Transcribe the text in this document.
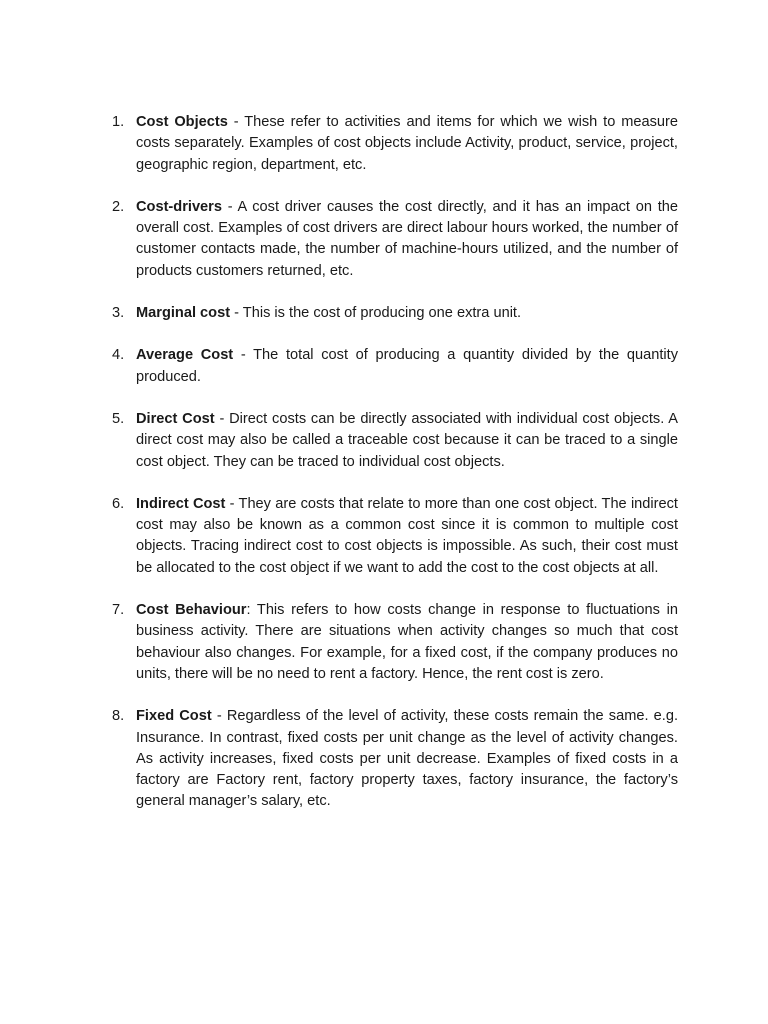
1. Cost Objects - These refer to activities and items for which we wish to measure costs separately. Examples of cost objects include Activity, product, service, project, geographic region, department, etc.
2. Cost-drivers - A cost driver causes the cost directly, and it has an impact on the overall cost. Examples of cost drivers are direct labour hours worked, the number of customer contacts made, the number of machine-hours utilized, and the number of products customers returned, etc.
3. Marginal cost - This is the cost of producing one extra unit.
4. Average Cost - The total cost of producing a quantity divided by the quantity produced.
5. Direct Cost - Direct costs can be directly associated with individual cost objects. A direct cost may also be called a traceable cost because it can be traced to a single cost object. They can be traced to individual cost objects.
6. Indirect Cost - They are costs that relate to more than one cost object. The indirect cost may also be known as a common cost since it is common to multiple cost objects. Tracing indirect cost to cost objects is impossible. As such, their cost must be allocated to the cost object if we want to add the cost to the cost objects at all.
7. Cost Behaviour: This refers to how costs change in response to fluctuations in business activity. There are situations when activity changes so much that cost behaviour also changes. For example, for a fixed cost, if the company produces no units, there will be no need to rent a factory. Hence, the rent cost is zero.
8. Fixed Cost - Regardless of the level of activity, these costs remain the same. e.g. Insurance. In contrast, fixed costs per unit change as the level of activity changes. As activity increases, fixed costs per unit decrease. Examples of fixed costs in a factory are Factory rent, factory property taxes, factory insurance, the factory’s general manager’s salary, etc.
